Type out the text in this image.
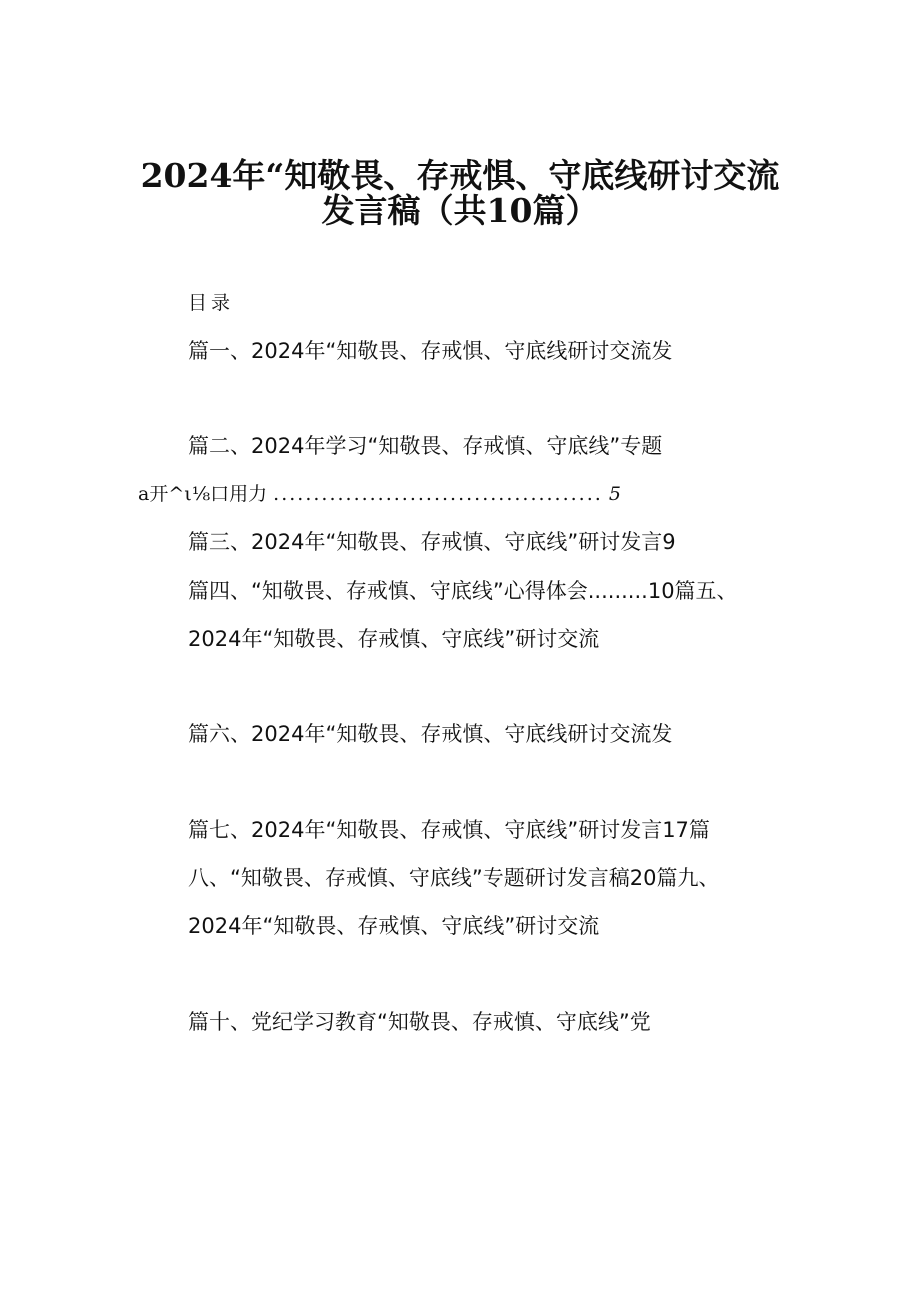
2024年“知敬畏、存戒惧、守底线研讨交流
发言稿（共10篇）
目录
篇一、2024年“知敬畏、存戒惧、守底线研讨交流发
篇二、2024年学习“知敬畏、存戒慎、守底线”专题
a开^ι⅛口用力 ......................................... 5
篇三、2024年“知敬畏、存戒慎、守底线”研讨发言9
篇四、“知敬畏、存戒慎、守底线”心得体会.........10篇五、
2024年“知敬畏、存戒慎、守底线”研讨交流
篇六、2024年“知敬畏、存戒慎、守底线研讨交流发
篇七、2024年“知敬畏、存戒慎、守底线”研讨发言17篇
八、“知敬畏、存戒慎、守底线”专题研讨发言稿20篇九、
2024年“知敬畏、存戒慎、守底线”研讨交流
篇十、党纪学习教育“知敬畏、存戒慎、守底线”党
